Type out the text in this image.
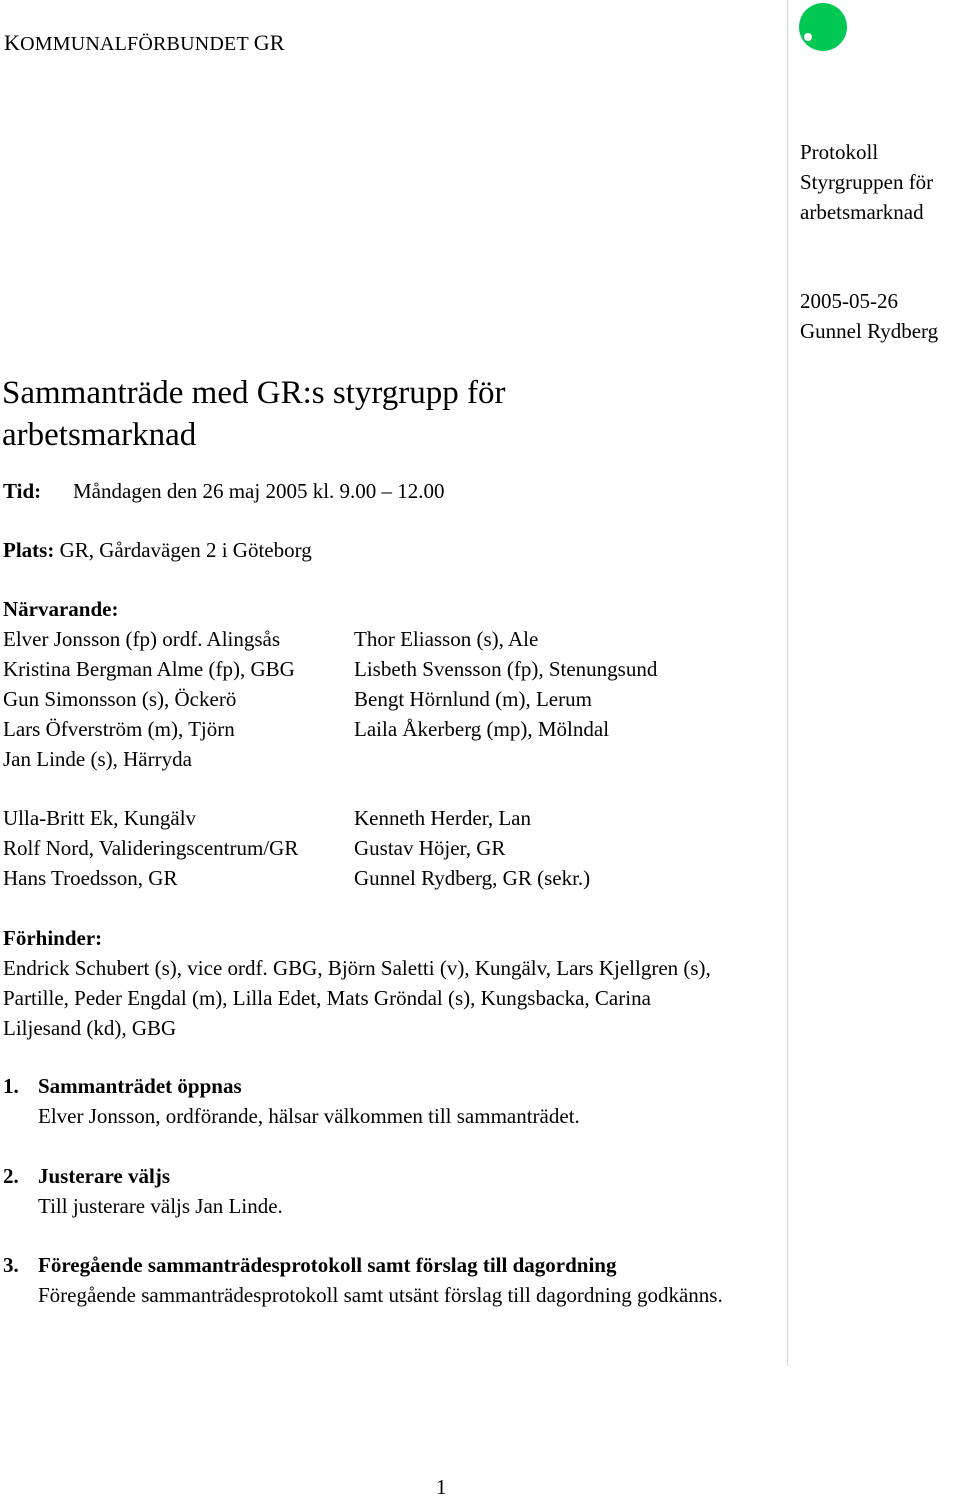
KOMMUNALFÖRBUNDET GR
Protokoll
Styrgruppen för
arbetsmarknad
2005-05-26
Gunnel Rydberg
Sammanträde med GR:s styrgrupp för arbetsmarknad
Tid: Måndagen den 26 maj 2005 kl. 9.00 – 12.00
Plats: GR, Gårdavägen 2 i Göteborg
Närvarande:
Elver Jonsson (fp) ordf. Alingsås
Kristina Bergman Alme (fp), GBG
Gun Simonsson (s), Öckerö
Lars Öfverström (m), Tjörn
Jan Linde (s), Härryda
Thor Eliasson (s), Ale
Lisbeth Svensson (fp), Stenungsund
Bengt Hörnlund (m), Lerum
Laila Åkerberg (mp), Mölndal
Ulla-Britt Ek, Kungälv
Rolf Nord, Valideringscentrum/GR
Hans Troedsson, GR
Kenneth Herder, Lan
Gustav Höjer, GR
Gunnel Rydberg, GR (sekr.)
Förhinder:
Endrick Schubert (s), vice ordf. GBG, Björn Saletti (v), Kungälv, Lars Kjellgren (s), Partille, Peder Engdal (m), Lilla Edet, Mats Gröndal (s), Kungsbacka, Carina Liljesand (kd), GBG
1. Sammanträdet öppnas
Elver Jonsson, ordförande, hälsar välkommen till sammanträdet.
2. Justerare väljs
Till justerare väljs Jan Linde.
3. Föregående sammanträdesprotokoll samt förslag till dagordning
Föregående sammanträdesprotokoll samt utsänt förslag till dagordning godkänns.
1
